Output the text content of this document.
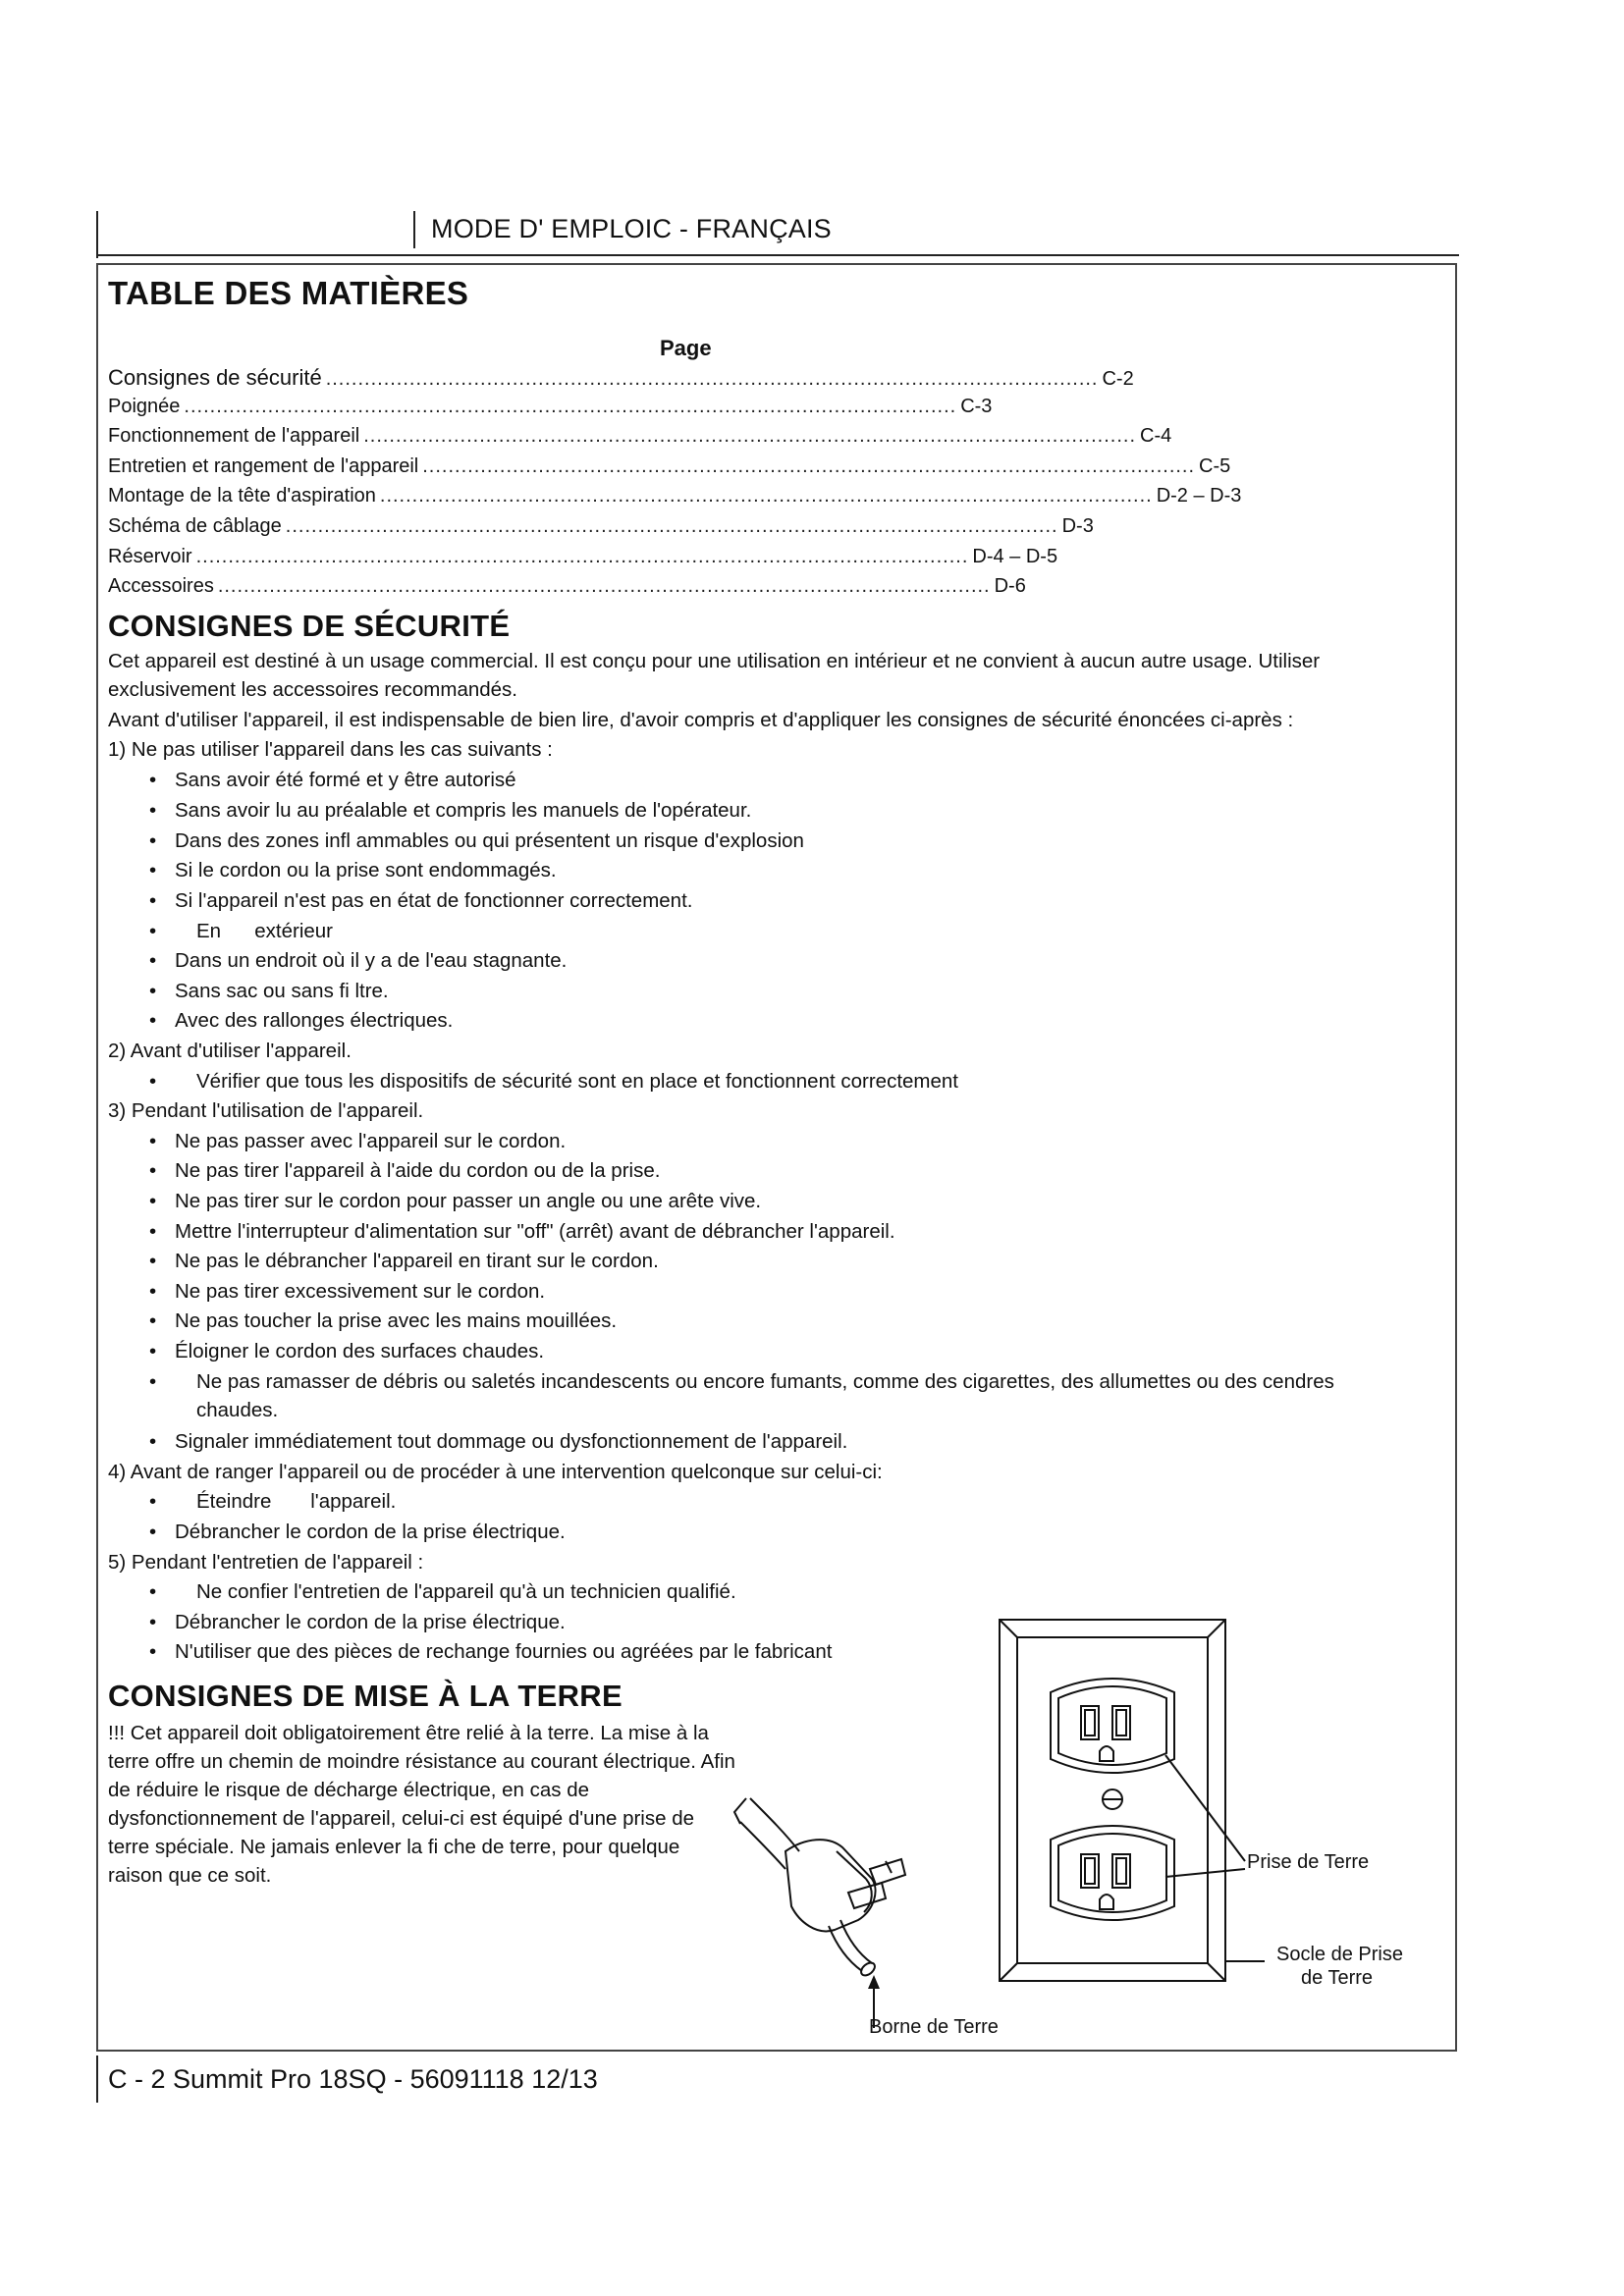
MODE D' EMPLOIC - FRANÇAIS
TABLE DES MATIÈRES
Page
Consignes de sécurité ........................................................................................................................ C-2
Poignée ........................................................................................................................ C-3
Fonctionnement de l'appareil ........................................................................................................................ C-4
Entretien et rangement de l'appareil ........................................................................................................................ C-5
Montage de la tête d'aspiration ........................................................................................................................ D-2 – D-3
Schéma de câblage ........................................................................................................................ D-3
Réservoir ........................................................................................................................ D-4 – D-5
Accessoires ........................................................................................................................ D-6
CONSIGNES DE SÉCURITÉ
Cet appareil est destiné à un usage commercial. Il est conçu pour une utilisation en intérieur et ne convient à aucun autre usage. Utiliser exclusivement les accessoires recommandés.
Avant d'utiliser l'appareil, il est indispensable de bien lire, d'avoir compris et d'appliquer les consignes de sécurité énoncées ci-après :
1) Ne pas utiliser l'appareil dans les cas suivants :
• Sans avoir été formé et y être autorisé
• Sans avoir lu au préalable et compris les manuels de l'opérateur.
• Dans des zones infl ammables ou qui présentent un risque d'explosion
• Si le cordon ou la prise sont endommagés.
• Si l'appareil n'est pas en état de fonctionner correctement.
• En      extérieur
• Dans un endroit où il y a de l'eau stagnante.
• Sans sac ou sans fi ltre.
• Avec des rallonges électriques.
2) Avant d'utiliser l'appareil.
• Vérifier que tous les dispositifs de sécurité sont en place et fonctionnent correctement
3) Pendant l'utilisation de l'appareil.
• Ne pas passer avec l'appareil sur le cordon.
• Ne pas tirer l'appareil à l'aide du cordon ou de la prise.
• Ne pas tirer sur le cordon pour passer un angle ou une arête vive.
• Mettre l'interrupteur d'alimentation sur "off" (arrêt) avant de débrancher l'appareil.
• Ne pas le débrancher l'appareil en tirant sur le cordon.
• Ne pas tirer excessivement sur le cordon.
• Ne pas toucher la prise avec les mains mouillées.
• Éloigner le cordon des surfaces chaudes.
•	Ne pas ramasser de débris ou saletés incandescents ou encore fumants, comme des cigarettes, des allumettes ou des cendres chaudes.
• Signaler immédiatement tout dommage ou dysfonctionnement de l'appareil.
4) Avant de ranger l'appareil ou de procéder à une intervention quelconque sur celui-ci:
• Éteindre       l'appareil.
• Débrancher le cordon de la prise électrique.
5) Pendant l'entretien de l'appareil :
• Ne confier l'entretien de l'appareil qu'à un technicien qualifié.
• Débrancher le cordon de la prise électrique.
• N'utiliser que des pièces de rechange fournies ou agréées par le fabricant
CONSIGNES DE MISE À LA TERRE
!!! Cet appareil doit obligatoirement être relié à la terre. La mise à la terre offre un chemin de moindre résistance au courant électrique. Afin de réduire le risque de décharge électrique, en cas de dysfonctionnement de l'appareil, celui-ci est équipé d'une prise de terre spéciale. Ne jamais enlever la fi che de terre, pour quelque raison que ce soit.
Prise de Terre
Socle de Prise
de Terre
Borne de Terre
C - 2 Summit Pro 18SQ - 56091118 12/13
